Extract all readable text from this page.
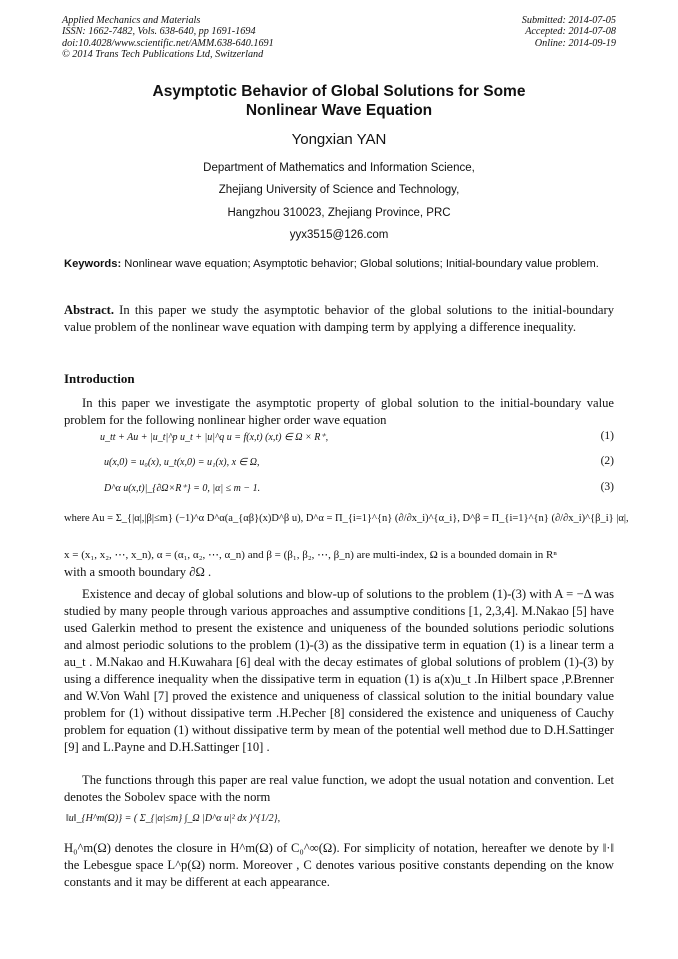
Applied Mechanics and Materials
ISSN: 1662-7482, Vols. 638-640, pp 1691-1694
doi:10.4028/www.scientific.net/AMM.638-640.1691
© 2014 Trans Tech Publications Ltd, Switzerland
Submitted: 2014-07-05
Accepted: 2014-07-08
Online: 2014-09-19
Asymptotic Behavior of Global Solutions for Some
Nonlinear Wave Equation
Yongxian YAN
Department of Mathematics and Information Science,
Zhejiang University of Science and Technology,
Hangzhou 310023, Zhejiang Province, PRC
yyx3515@126.com
Keywords: Nonlinear wave equation; Asymptotic behavior; Global solutions; Initial-boundary value problem.
Abstract. In this paper we study the asymptotic behavior of the global solutions to the initial-boundary value problem of the nonlinear wave equation with damping term by applying a difference inequality.
Introduction
In this paper we investigate the asymptotic property of global solution to the initial-boundary value problem for the following nonlinear higher order wave equation
u_tt + Au + |u_t|^p u_t + |u|^q u = f(x,t) (x,t) ∈ Ω × R⁺,	(1)
u(x,0) = u₀(x), u_t(x,0) = u₁(x), x ∈ Ω,	(2)
D^α u(x,t)|_{∂Ω×R⁺} = 0, |α| ≤ m − 1.	(3)
where Au = Σ_{|α|,|β|≤m} (−1)^α D^α(a_{αβ}(x)D^β u), D^α = Π_{i=1}^{n} (∂/∂x_i)^{α_i}, D^β = Π_{i=1}^{n} (∂/∂x_i)^{β_i} |α|,
x = (x₁, x₂, ⋯, x_n), α = (α₁, α₂, ⋯, α_n) and β = (β₁, β₂, ⋯, β_n) are multi-index, Ω is a bounded domain in Rⁿ
with a smooth boundary ∂Ω .
Existence and decay of global solutions and blow-up of solutions to the problem (1)-(3) with A = −Δ was studied by many people through various approaches and assumptive conditions [1, 2,3,4]. M.Nakao [5] have used Galerkin method to present the existence and uniqueness of the bounded solutions periodic solutions and almost periodic solutions to the problem (1)-(3) as the dissipative term in equation (1) is a linear term a au_t . M.Nakao and H.Kuwahara [6] deal with the decay estimates of global solutions of problem (1)-(3) by using a difference inequality when the dissipative term in equation (1) is a(x)u_t .In Hilbert space ,P.Brenner and W.Von Wahl [7] proved the existence and uniqueness of classical solution to the initial boundary value problem for (1) without dissipative term .H.Pecher [8] considered the existence and uniqueness of Cauchy problem for equation (1) without dissipative term by mean of the potential well method due to D.H.Sattinger [9] and L.Payne and D.H.Sattinger [10] .
The functions through this paper are real value function, we adopt the usual notation and convention. Let denotes the Sobolev space with the norm
‖u‖_{H^m(Ω)} = ( Σ_{|α|≤m} ∫_Ω |D^α u|² dx )^{1/2},
H₀^m(Ω) denotes the closure in H^m(Ω) of C₀^∞(Ω). For simplicity of notation, hereafter we denote by ‖·‖ the Lebesgue space L^p(Ω) norm. Moreover , C denotes various positive constants depending on the know constants and it may be different at each appearance.
